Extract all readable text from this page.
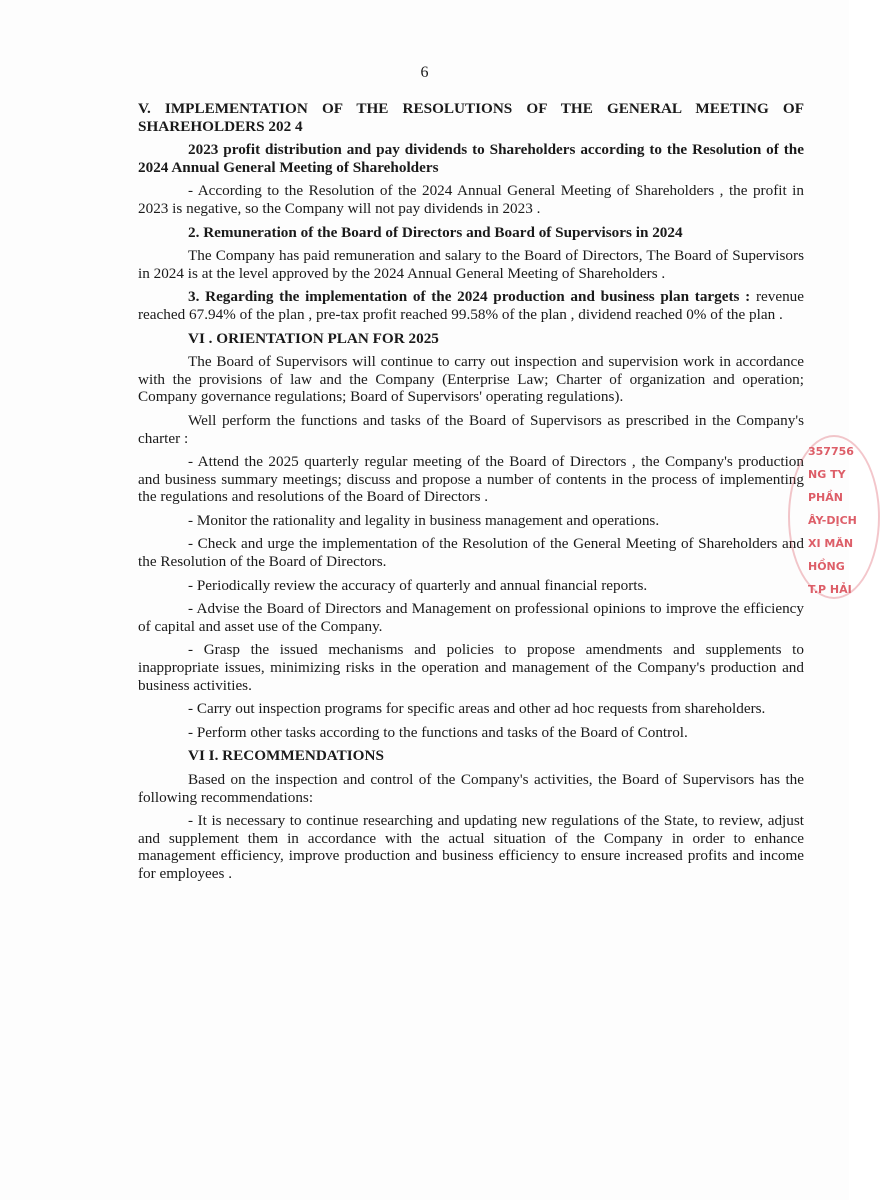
6

V. IMPLEMENTATION OF THE RESOLUTIONS OF THE GENERAL MEETING OF SHAREHOLDERS 202 4

2023 profit distribution and pay dividends to Shareholders according to the Resolution of the 2024 Annual General Meeting of Shareholders

- According to the Resolution of the 2024 Annual General Meeting of Shareholders , the profit in 2023 is negative, so the Company will not pay dividends in 2023 .

2. Remuneration of the Board of Directors and Board of Supervisors in 2024

The Company has paid remuneration and salary to the Board of Directors, The Board of Supervisors in 2024 is at the level approved by the 2024 Annual General Meeting of Shareholders .

3. Regarding the implementation of the 2024 production and business plan targets : revenue reached 67.94% of the plan , pre-tax profit reached 99.58% of the plan , dividend reached 0% of the plan .

VI . ORIENTATION PLAN FOR 2025

The Board of Supervisors will continue to carry out inspection and supervision work in accordance with the provisions of law and the Company (Enterprise Law; Charter of organization and operation; Company governance regulations; Board of Supervisors' operating regulations).

Well perform the functions and tasks of the Board of Supervisors as prescribed in the Company's charter :

- Attend the 2025 quarterly regular meeting of the Board of Directors , the Company's production and business summary meetings; discuss and propose a number of contents in the process of implementing the regulations and resolutions of the Board of Directors .

- Monitor the rationality and legality in business management and operations.

- Check and urge the implementation of the Resolution of the General Meeting of Shareholders and the Resolution of the Board of Directors.

- Periodically review the accuracy of quarterly and annual financial reports.

- Advise the Board of Directors and Management on professional opinions to improve the efficiency of capital and asset use of the Company.

- Grasp the issued mechanisms and policies to propose amendments and supplements to inappropriate issues, minimizing risks in the operation and management of the Company's production and business activities.

- Carry out inspection programs for specific areas and other ad hoc requests from shareholders.

- Perform other tasks according to the functions and tasks of the Board of Control.

VI I. RECOMMENDATIONS

Based on the inspection and control of the Company's activities, the Board of Supervisors has the following recommendations:

- It is necessary to continue researching and updating new regulations of the State, to review, adjust and supplement them in accordance with the actual situation of the Company in order to enhance management efficiency, improve production and business efficiency to ensure increased profits and income for employees .

357756
NG TY
PHẦN
ÂY-DỊCH
XI MĂN
HỒNG
T.P HẢI
